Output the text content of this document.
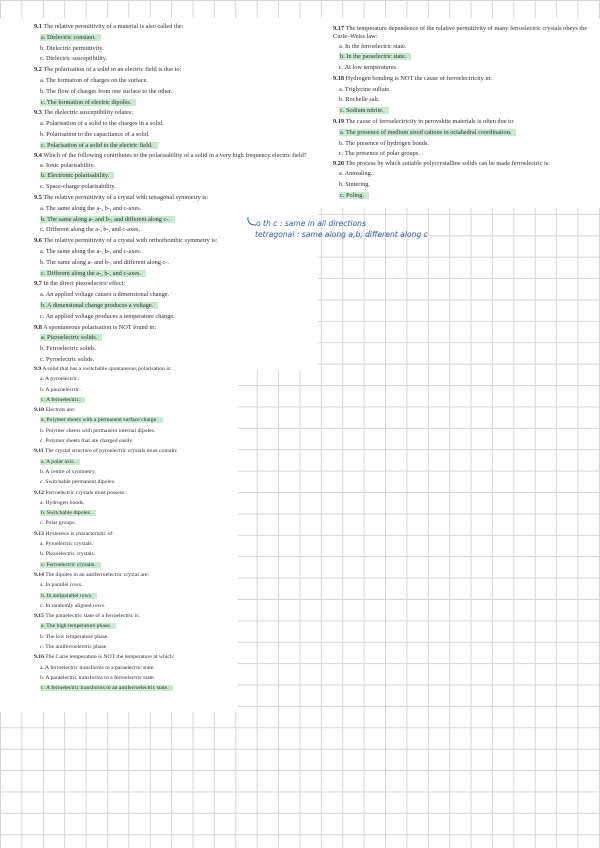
9.1 The relative permittivity of a material is also called the:
a. Dielectric constant.
b. Dielectric permittivity.
c. Dielectric susceptibility.
9.2 The polarisation of a solid in an electric field is due to:
a. The formation of charges on the surface.
b. The flow of charges from one surface to the other.
c. The formation of electric dipoles.
9.3 The dielectric susceptibility relates:
a. Polarisation of a solid to the charges in a solid.
b. Polarisation to the capacitance of a solid.
c. Polarisation of a solid to the electric field.
9.4 Which of the following contributes to the polarisability of a solid in a very high frequency electric field?
a. Ionic polarisability.
b. Electronic polarisability.
c. Space-charge polarisability.
9.5 The relative permittivity of a crystal with tetragonal symmetry is:
a. The same along the a-, b-, and c-axes.
b. The same along a- and b-, and different along c-.
c. Different along the a-, b-, and c-axes.
9.6 The relative permittivity of a crystal with orthorhombic symmetry is:
a. The same along the a-, b-, and c-axes.
b. The same along a- and b-, and different along c-.
c. Different along the a-, b-, and c-axes.
9.7 In the direct piezoelectric effect:
a. An applied voltage causes a dimensional change.
b. A dimensional change produces a voltage.
c. An applied voltage produces a temperature change.
9.8 A spontaneous polarisation is NOT found in:
a. Piezoelectric solids.
b. Ferroelectric solids.
c. Pyroelectric solids.
9.17 The temperature dependence of the relative permittivity of many ferroelectric crystals obeys the Curie–Weiss law:
a. In the ferroelectric state.
b. In the paraelectric state.
c. At low temperatures.
9.18 Hydrogen bonding is NOT the cause of ferroelectricity in:
a. Triglycine sulfate.
b. Rochelle salt.
c. Sodium nitrite.
9.19 The cause of ferroelectricity in perovskite materials is often due to:
a. The presence of medium sized cations in octahedral coordination.
b. The presence of hydrogen bonds.
c. The presence of polar groups.
9.20 The process by which suitable polycrystalline solids can be made ferroelectric is:
a. Annealing.
b. Sintering.
c. Poling.
9.9 A solid that has a switchable spontaneous polarisation is:
a. A pyroelectric.
b. A piezoelectric.
c. A ferroelectric.
9.10 Electrets are:
a. Polymer sheets with a permanent surface charge.
b. Polymer sheets with permanent internal dipoles.
c. Polymer sheets that are charged easily.
9.11 The crystal structure of pyroelectric crystals must contain:
a. A polar axis.
b. A centre of symmetry.
c. Switchable permanent dipoles.
9.12 Ferroelectric crystals must possess:
a. Hydrogen bonds.
b. Switchable dipoles.
c. Polar groups.
9.13 Hysteresis is characteristic of:
a. Pyroelectric crystals.
b. Piezoelectric crystals.
c. Ferroelectric crystals.
9.14 The dipoles in an antiferroelectric crystal are:
a. In parallel rows.
b. In antiparallel rows.
c. In randomly aligned rows.
9.15 The paraelectric state of a ferroelectric is:
a. The high temperature phase.
b. The low temperature phase.
c. The antiferroelectric phase.
9.16 The Curie temperature is NOT the temperature at which:
a. A ferroelectric transforms to a paraelectric state.
b. A paraelectric transforms to a ferroelectric state.
c. A ferroelectric transforms to an antiferroelectric state.
o th c : same in all directions
tetragonal : same along a,b, different along c
